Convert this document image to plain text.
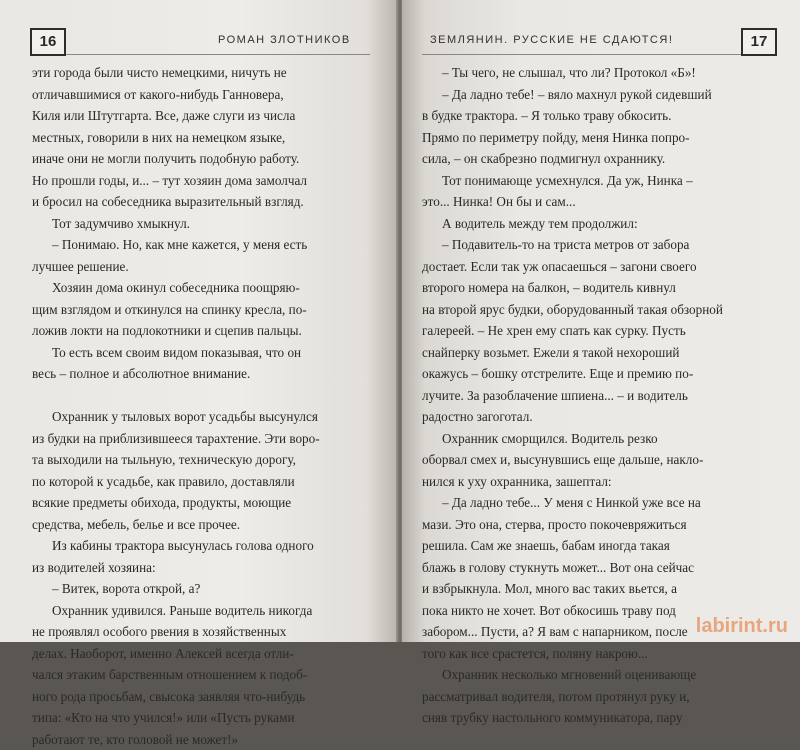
16	РОМАН ЗЛОТНИКОВ
эти города были чисто немецкими, ничуть не
отличавшимися от какого-нибудь Ганновера,
Киля или Штутгарта. Все, даже слуги из числа
местных, говорили в них на немецком языке,
иначе они не могли получить подобную работу.
Но прошли годы, и... – тут хозяин дома замолчал
и бросил на собеседника выразительный взгляд.
Тот задумчиво хмыкнул.
– Понимаю. Но, как мне кажется, у меня есть
лучшее решение.
Хозяин дома окинул собеседника поощряю-
щим взглядом и откинулся на спинку кресла, по-
ложив локти на подлокотники и сцепив пальцы.
То есть всем своим видом показывая, что он
весь – полное и абсолютное внимание.
Охранник у тыловых ворот усадьбы высунулся
из будки на приблизившееся тарахтение. Эти воро-
та выходили на тыльную, техническую дорогу,
по которой к усадьбе, как правило, доставляли
всякие предметы обихода, продукты, моющие
средства, мебель, белье и все прочее.
Из кабины трактора высунулась голова одного
из водителей хозяина:
– Витек, ворота открой, а?
Охранник удивился. Раньше водитель никогда
не проявлял особого рвения в хозяйственных
делах. Наоборот, именно Алексей всегда отли-
чался этаким барственным отношением к подоб-
ного рода просьбам, свысока заявляя что-нибудь
типа: «Кто на что учился!» или «Пусть руками
работают те, кто головой не может!»
ЗЕМЛЯНИН. РУССКИЕ НЕ СДАЮТСЯ!	17
– Ты чего, не слышал, что ли? Протокол «Б»!
– Да ладно тебе! – вяло махнул рукой сидевший
в будке трактора. – Я только траву обкосить.
Прямо по периметру пойду, меня Нинка попро-
сила, – он скабрезно подмигнул охраннику.
Тот понимающе усмехнулся. Да уж, Нинка –
это... Нинка! Он бы и сам...
А водитель между тем продолжил:
– Подавитель-то на триста метров от забора
достает. Если так уж опасаешься – загони своего
второго номера на балкон, – водитель кивнул
на второй ярус будки, оборудованный такая обзорной
галереей. – Не хрен ему спать как сурку. Пусть
снайперку возьмет. Ежели я такой нехороший
окажусь – бошку отстрелите. Еще и премию по-
лучите. За разоблачение шпиена... – и водитель
радостно загоготал.
Охранник сморщился. Водитель резко
оборвал смех и, высунувшись еще дальше, накло-
нился к уху охранника, зашептал:
– Да ладно тебе... У меня с Нинкой уже все на
мази. Это она, стерва, просто покочевряжиться
решила. Сам же знаешь, бабам иногда такая
блажь в голову стукнуть может... Вот она сейчас
и взбрыкнула. Мол, много вас таких вьется, а
пока никто не хочет. Вот обкосишь траву под
забором... Пусти, а? Я вам с напарником, после
того как все срастется, поляну накрою...
Охранник несколько мгновений оценивающе
рассматривал водителя, потом протянул руку и,
сняв трубку настольного коммуникатора, пару
labirint.ru
